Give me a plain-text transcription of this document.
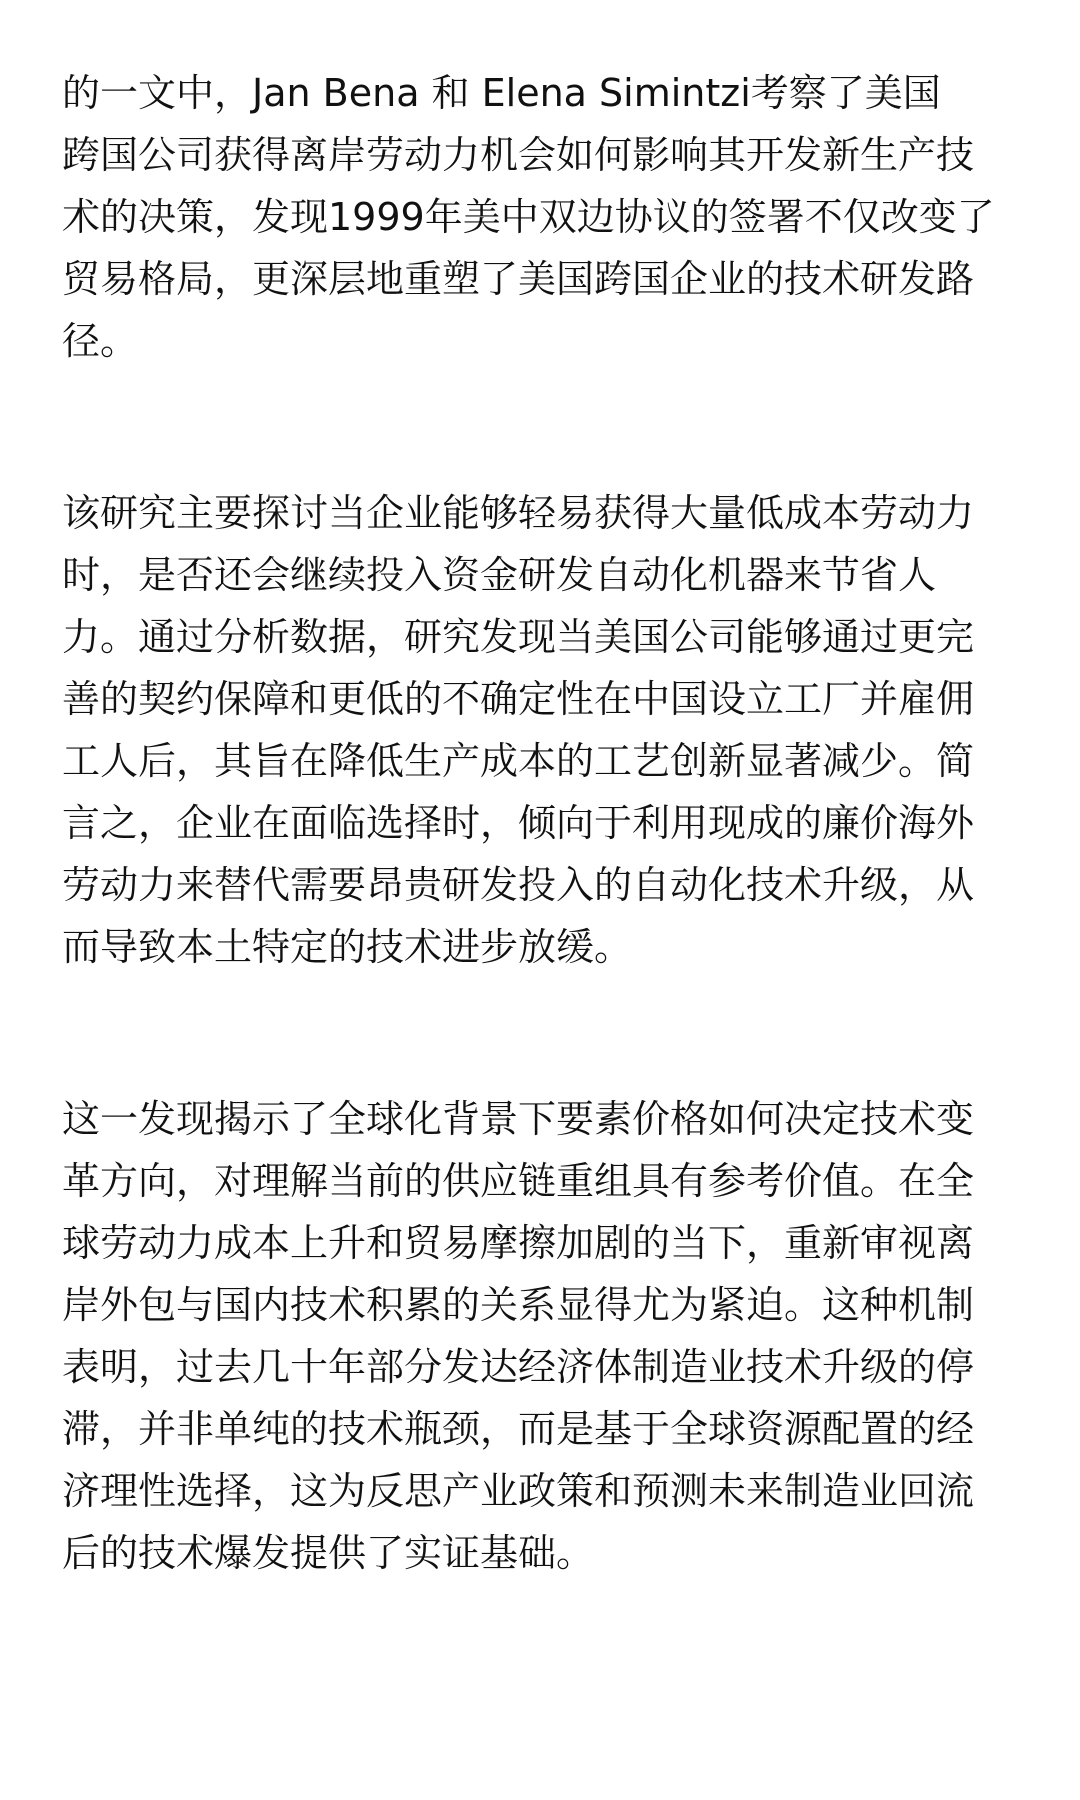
的一文中，Jan Bena 和 Elena Simintzi考察了美国
跨国公司获得离岸劳动力机会如何影响其开发新生产技
术的决策，发现1999年美中双边协议的签署不仅改变了
贸易格局，更深层地重塑了美国跨国企业的技术研发路
径。
该研究主要探讨当企业能够轻易获得大量低成本劳动力
时，是否还会继续投入资金研发自动化机器来节省人
力。通过分析数据，研究发现当美国公司能够通过更完
善的契约保障和更低的不确定性在中国设立工厂并雇佣
工人后，其旨在降低生产成本的工艺创新显著减少。简
言之，企业在面临选择时，倾向于利用现成的廉价海外
劳动力来替代需要昂贵研发投入的自动化技术升级，从
而导致本土特定的技术进步放缓。
这一发现揭示了全球化背景下要素价格如何决定技术变
革方向，对理解当前的供应链重组具有参考价值。在全
球劳动力成本上升和贸易摩擦加剧的当下，重新审视离
岸外包与国内技术积累的关系显得尤为紧迫。这种机制
表明，过去几十年部分发达经济体制造业技术升级的停
滞，并非单纯的技术瓶颈，而是基于全球资源配置的经
济理性选择，这为反思产业政策和预测未来制造业回流
后的技术爆发提供了实证基础。
